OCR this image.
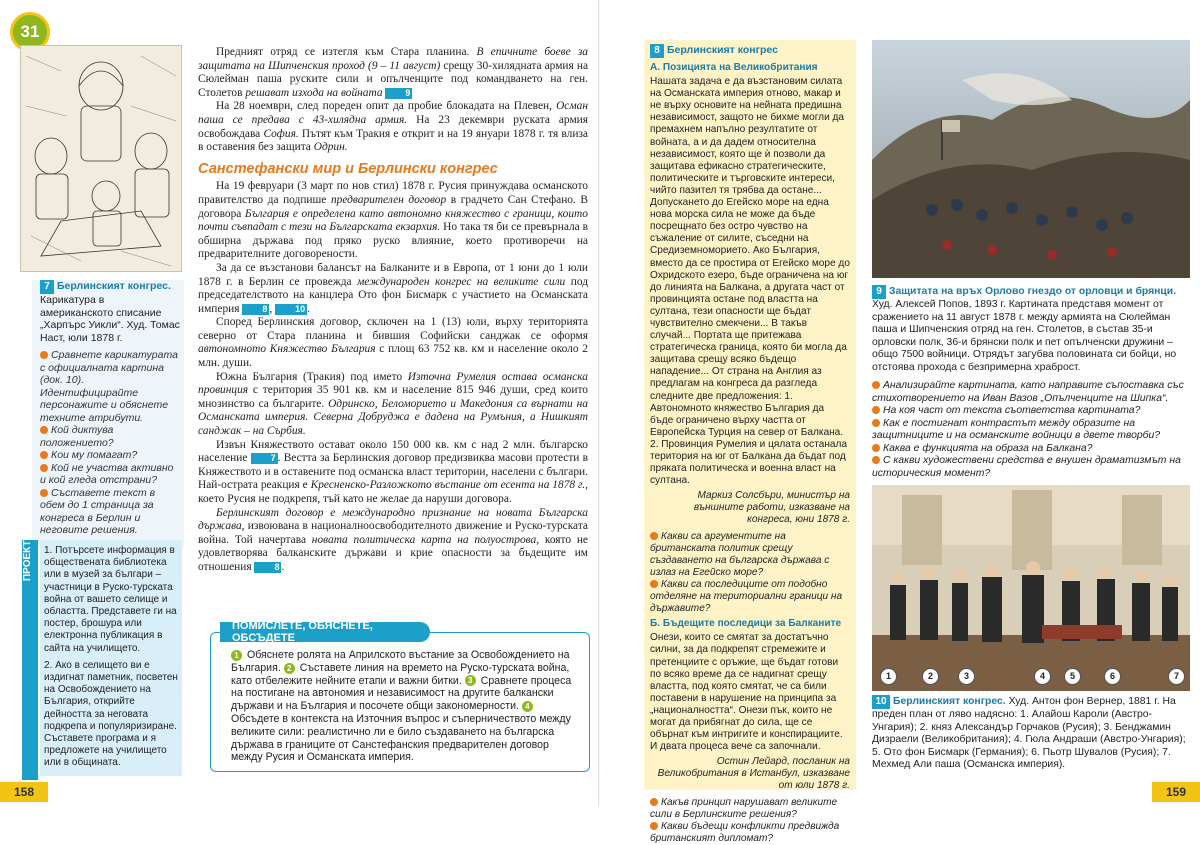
31
7 Берлинският конгрес.
Карикатура в американското списание „Харпърс Уикли“. Худ. Томас Наст, юли 1878 г.
Сравнете карикатурата с официалната картина (док. 10). Идентифицирайте персонажите и обяснете техните атрибути.
Кой диктува положението?
Кои му помагат?
Кой не участва активно и кой гледа отстрани?
Съставете текст в обем до 1 страница за конгреса в Берлин и неговите решения.
ПРОЕКТ	1. Потърсете информация в обществената библиотека или в музей за българи – участници в Руско-турската война от вашето селище и областта. Представете ги на постер, брошура или електронна публикация в сайта на училището.

2. Ако в селището ви е издигнат паметник, посветен на Освобождението на България, открийте дейността за неговата подкрепа и популяризиране. Съставете програма и я предложете на училището или в общината.

158

Предният отряд се изтегля към Стара планина. В епичните боеве за защитата на Шипченския проход (9 – 11 август) срещу 30-хилядната армия на Сюлейман паша руските сили и опълченците под командването на ген. Столетов решават изхода на войната	9

На 28 ноември, след пореден опит да пробие блокадата на Плевен, Осман паша се предава с 43-хилядна армия. На 23 декември руската армия освобождава София. Пътят към Тракия е открит и на 19 януари 1878 г. тя влиза в оставения без защита Одрин.

Санстефански мир и Берлински конгрес

На 19 февруари (3 март по нов стил) 1878 г. Русия принуждава османското правителство да подпише предварителен договор в градчето Сан Стефано. В договора България е определена като автономно княжество с граници, които почти съвпадат с тези на Българската екзархия. Но така тя би се превърнала в обширна държава под пряко руско влияние, което противоречи на предварителните договорености.

За да се възстанови балансът на Балканите и в Европа, от 1 юни до 1 юли 1878 г. в Берлин се провежда международен конгрес на великите сили под председателството на канцлера Ото фон Бисмарк с участието на Османската империя	8 , 10 .

Според Берлинския договор, сключен на 1 (13) юли, върху територията северно от Стара планина и бившия Софийски санджак се оформя автономното Княжество България с площ 63 752 кв. км и население около 2 млн. души.

Южна България (Тракия) под името Източна Румелия остава османска провинция с територия 35 901 кв. км и население 815 946 души, сред които мнозинство са българите. Одринско, Беломорието и Македония са върнати на Османската империя. Северна Добруджа е дадена на Румъния, а Нишкият санджак – на Сърбия.

Извън Княжеството остават около 150 000 кв. км с над 2 млн. българско население	7 . Вестта за Берлинския договор предизвиква масови протести в Княжеството и в оставените под османска власт територии, населени с българи. Най-острата реакция е Кресненско-Разложкото въстание от есента на 1878 г., което Русия не подкрепя, тъй като не желае да наруши договора.

Берлинският договор е международно признание на новата Българска държава, извоювана в националноосвободителното движение и Руско-турската война. Той начертава новата политическа карта на полуострова, която не удовлетворява балканските държави и крие опасности за бъдещите им отношения	8 .

1 Обяснете ролята на Априлското въстание за Освобождението на България. 2 Съставете линия на времето на Руско-турската война, като отбележите нейните етапи и важни битки. 3 Сравнете процеса на постигане на автономия и независимост на другите балкански държави и на България и посочете общи закономерности. 4 Обсъдете в контекста на Източния въпрос и съперничеството между великите сили: реалистично ли е било създаването на българска държава в границите от Санстефанския предварителен договор между Русия и Османската империя.
ПОМИСЛЕТЕ, ОБЯСНЕТЕ, ОБСЪДЕТЕ
8 Берлинският конгрес
А. Позицията на Великобритания

Нашата задача е да възстановим силата на Османската империя отново, макар и не върху основите на нейната предишна независимост, защото не бихме могли да премахнем напълно резултатите от войната, а и да дадем относителна независимост, която ще ѝ позволи да защитава ефикасно стратегическите, политическите и търговските интереси, чийто пазител тя трябва да остане... Допускането до Егейско море на една нова морска сила не може да бъде посрещнато без остро чувство на съжаление от силите, съседни на Средиземноморието. Ако България, вместо да се простира от Егейско море до Охридското езеро, бъде ограничена на юг до линията на Балкана, а другата част от провинцията остане под властта на султана, тези опасности ще бъдат чувствително смекчени... В такъв случай... Портата ще притежава стратегическа граница, която би могла да защитава срещу всяко бъдещо нападение... От страна на Англия аз предлагам на конгреса да разгледа следните две предложения: 1. Автономното княжество България да бъде ограничено върху частта от Европейска Турция на север от Балкана. 2. Провинция Румелия и цялата останала територия на юг от Балкана да бъдат под пряката политическа и военна власт на султана.

Маркиз Солсбъри, министър на външните работи, изказване на конгреса, юни 1878 г.

Какви са аргументите на британската политик срещу създаването на българска държава с излаз на Егейско море?
Какви са последиците от подобно отделяне на териториални граници на държавите?
Б. Бъдещите последици за Балканите

Онези, които се смятат за достатъчно силни, за да подкрепят стремежите и претенциите с оръжие, ще бъдат готови по всяко време да се надигнат срещу властта, под която смятат, че са били поставени в нарушение на принципа за „националността“. Онези пък, които не могат да прибягнат до сила, ще се обърнат към интригите и конспирациите. И двата процеса вече са започнали.

Остин Лейард, посланик на Великобритания в Истанбул, изказване от юли 1878 г.

Какъв принцип нарушават великите сили в Берлинските решения?
Какви бъдещи конфликти предвижда британският дипломат?
9 Защитата на връх Орлово гнездо от орловци и брянци.
Худ. Алексей Попов, 1893 г. Картината представя момент от сражението на 11 август 1878 г. между армията на Сюлейман паша и Шипченския отряд на ген. Столетов, в състав 35-и орловски полк, 36-и брянски полк и пет опълченски дружини – общо 7500 войници. Отрядът загубва половината си бойци, но отстоява прохода с безпримерна храброст.
Анализирайте картината, като направите съпоставка със стихотворението на Иван Вазов „Опълченците на Шипка“.
На коя част от текста съответства картината?
Как е постигнат контрастът между образите на защитниците и на османските войници в двете творби?
Каква е функцията на образа на Балкана?
С какви художествени средства е внушен драматизмът на историческия момент?
1	2	3	4	5	6	7
10 Берлинският конгрес. Худ. Антон фон Вернер, 1881 г. На преден план от ляво надясно: 1. Алайош Кароли (Австро-Унгария); 2. княз Александър Горчаков (Русия); 3. Бенджамин Дизраели (Великобритания); 4. Гюла Андраши (Австро-Унгария); 5. Ото фон Бисмарк (Германия); 6. Пьотр Шувалов (Русия); 7. Мехмед Али паша (Османска империя).
159
